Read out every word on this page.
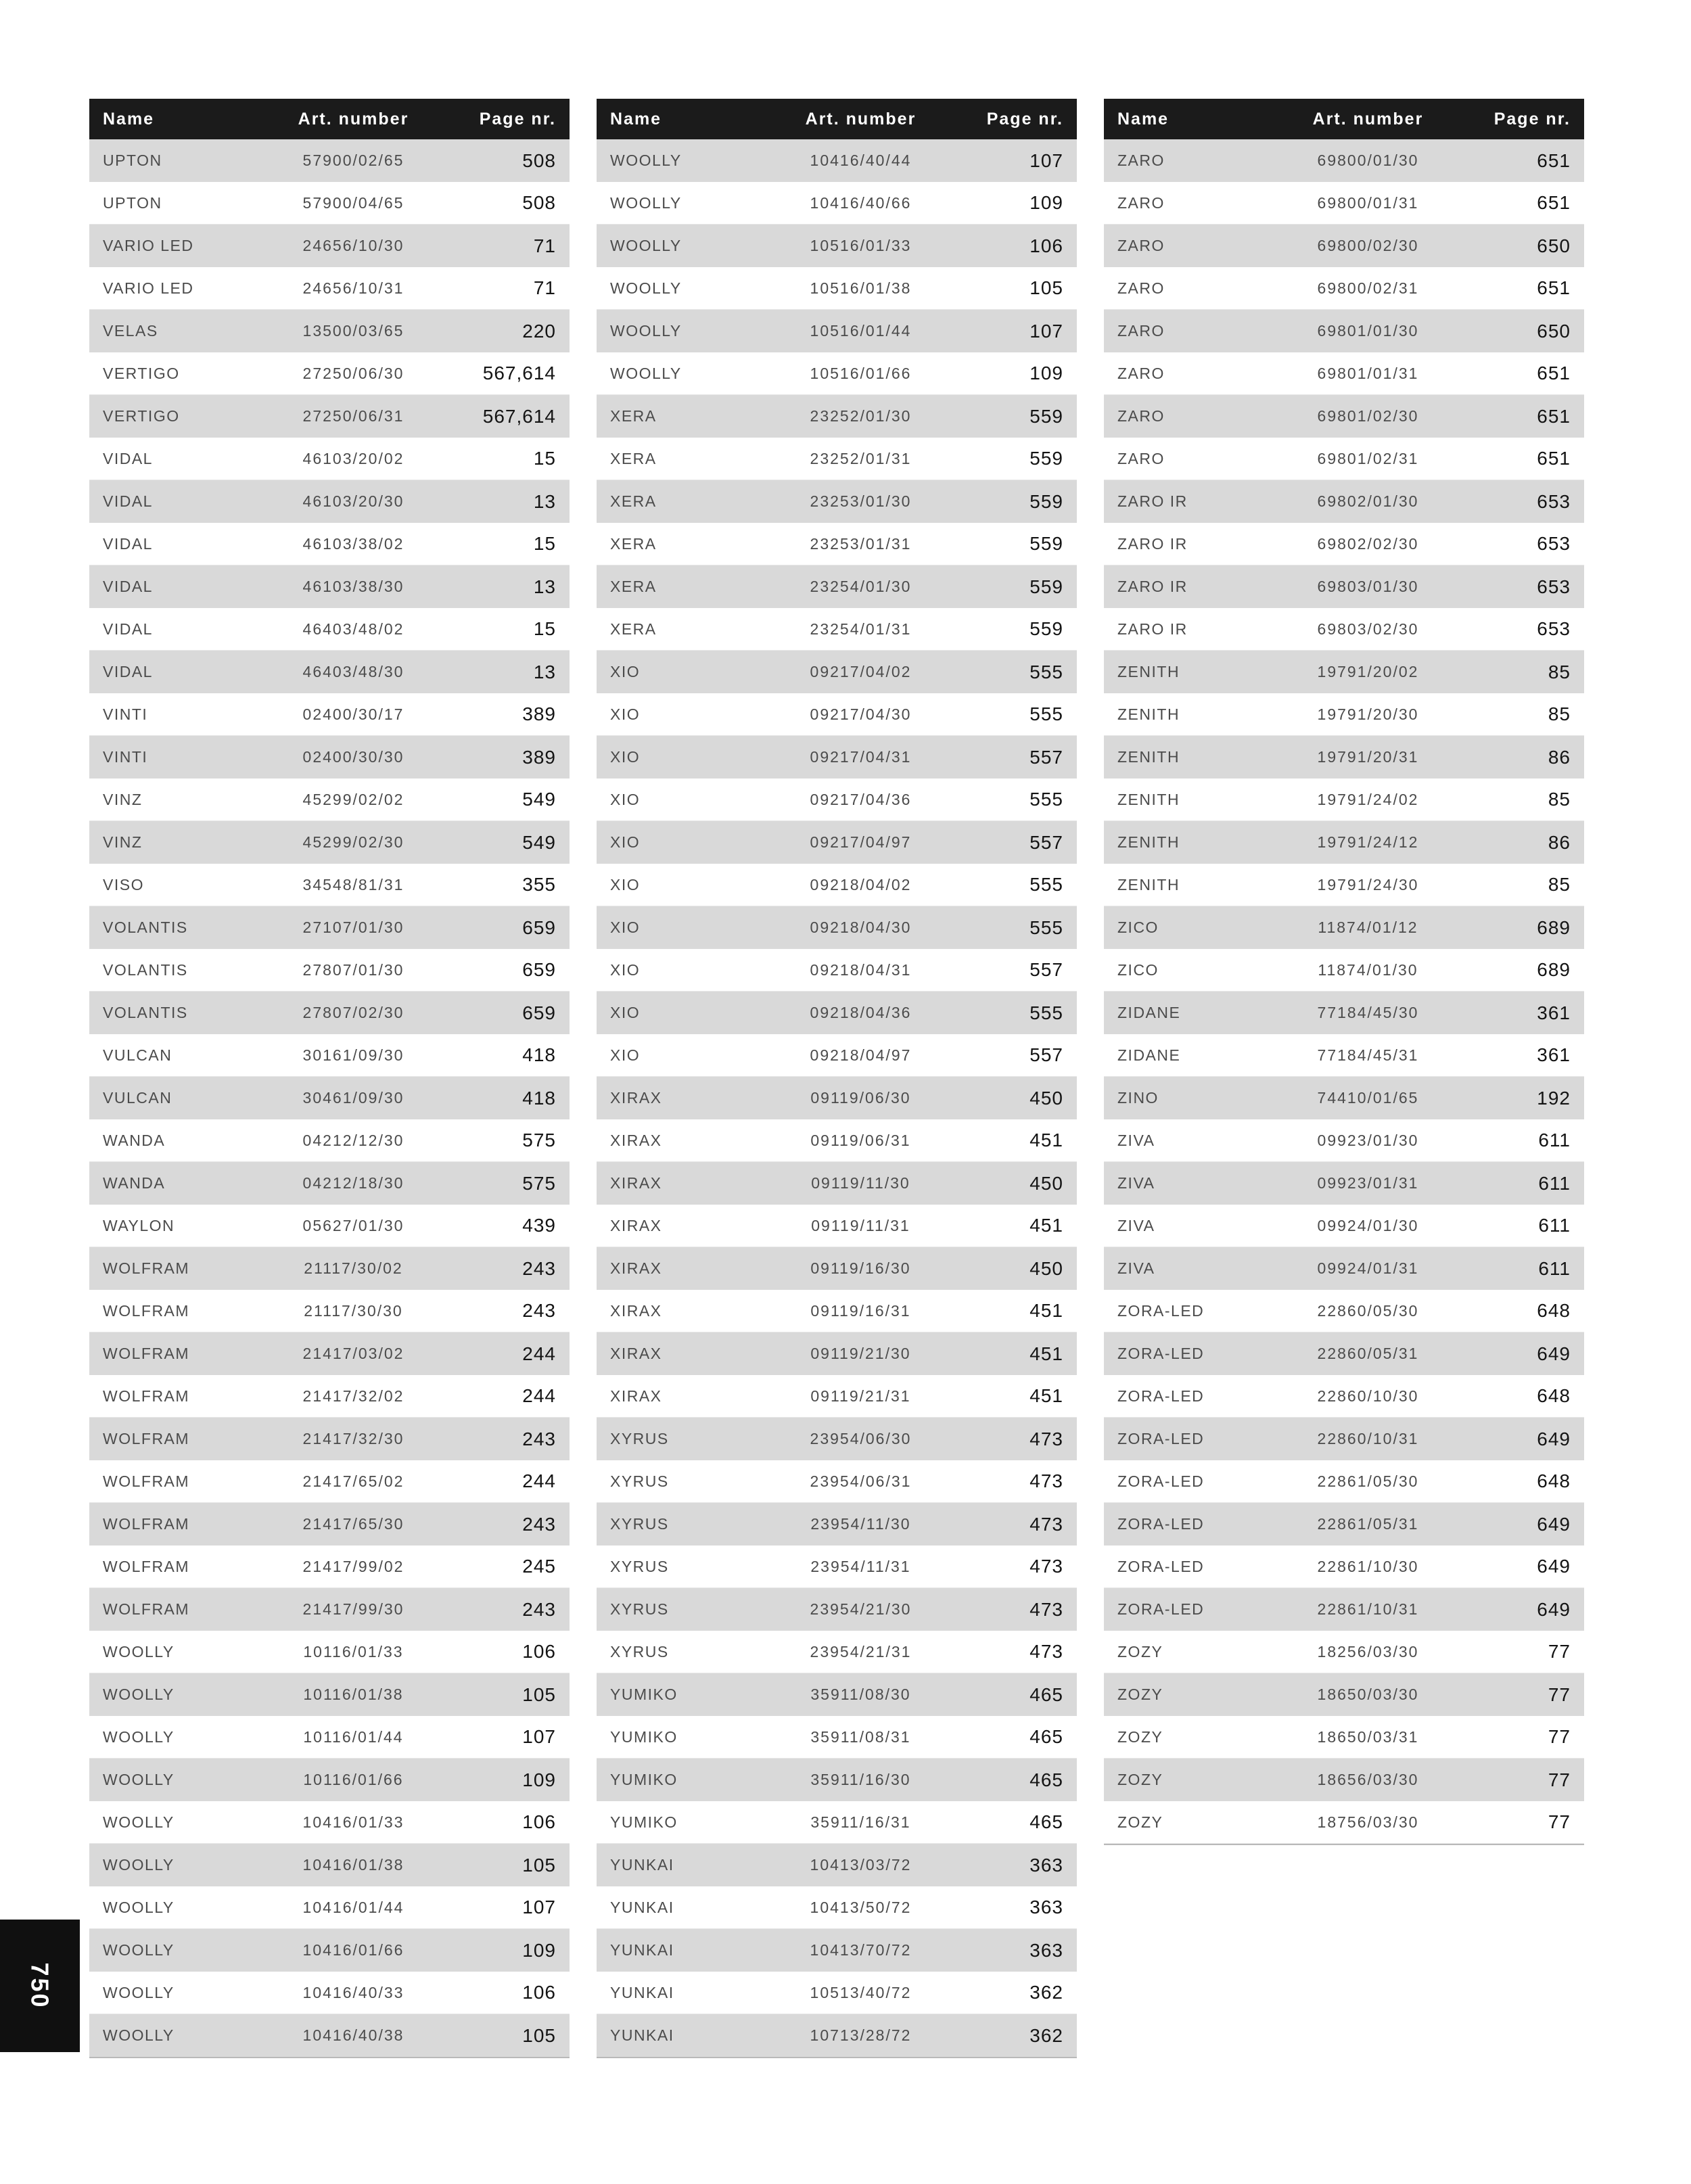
Name	Art. number	Page nr.
UPTON	57900/02/65	508
UPTON	57900/04/65	508
VARIO LED	24656/10/30	71
VARIO LED	24656/10/31	71
VELAS	13500/03/65	220
VERTIGO	27250/06/30	567,614
VERTIGO	27250/06/31	567,614
VIDAL	46103/20/02	15
VIDAL	46103/20/30	13
VIDAL	46103/38/02	15
VIDAL	46103/38/30	13
VIDAL	46403/48/02	15
VIDAL	46403/48/30	13
VINTI	02400/30/17	389
VINTI	02400/30/30	389
VINZ	45299/02/02	549
VINZ	45299/02/30	549
VISO	34548/81/31	355
VOLANTIS	27107/01/30	659
VOLANTIS	27807/01/30	659
VOLANTIS	27807/02/30	659
VULCAN	30161/09/30	418
VULCAN	30461/09/30	418
WANDA	04212/12/30	575
WANDA	04212/18/30	575
WAYLON	05627/01/30	439
WOLFRAM	21117/30/02	243
WOLFRAM	21117/30/30	243
WOLFRAM	21417/03/02	244
WOLFRAM	21417/32/02	244
WOLFRAM	21417/32/30	243
WOLFRAM	21417/65/02	244
WOLFRAM	21417/65/30	243
WOLFRAM	21417/99/02	245
WOLFRAM	21417/99/30	243
WOOLLY	10116/01/33	106
WOOLLY	10116/01/38	105
WOOLLY	10116/01/44	107
WOOLLY	10116/01/66	109
WOOLLY	10416/01/33	106
WOOLLY	10416/01/38	105
WOOLLY	10416/01/44	107
WOOLLY	10416/01/66	109
WOOLLY	10416/40/33	106
WOOLLY	10416/40/38	105
Name	Art. number	Page nr.
WOOLLY	10416/40/44	107
WOOLLY	10416/40/66	109
WOOLLY	10516/01/33	106
WOOLLY	10516/01/38	105
WOOLLY	10516/01/44	107
WOOLLY	10516/01/66	109
XERA	23252/01/30	559
XERA	23252/01/31	559
XERA	23253/01/30	559
XERA	23253/01/31	559
XERA	23254/01/30	559
XERA	23254/01/31	559
XIO	09217/04/02	555
XIO	09217/04/30	555
XIO	09217/04/31	557
XIO	09217/04/36	555
XIO	09217/04/97	557
XIO	09218/04/02	555
XIO	09218/04/30	555
XIO	09218/04/31	557
XIO	09218/04/36	555
XIO	09218/04/97	557
XIRAX	09119/06/30	450
XIRAX	09119/06/31	451
XIRAX	09119/11/30	450
XIRAX	09119/11/31	451
XIRAX	09119/16/30	450
XIRAX	09119/16/31	451
XIRAX	09119/21/30	451
XIRAX	09119/21/31	451
XYRUS	23954/06/30	473
XYRUS	23954/06/31	473
XYRUS	23954/11/30	473
XYRUS	23954/11/31	473
XYRUS	23954/21/30	473
XYRUS	23954/21/31	473
YUMIKO	35911/08/30	465
YUMIKO	35911/08/31	465
YUMIKO	35911/16/30	465
YUMIKO	35911/16/31	465
YUNKAI	10413/03/72	363
YUNKAI	10413/50/72	363
YUNKAI	10413/70/72	363
YUNKAI	10513/40/72	362
YUNKAI	10713/28/72	362
Name	Art. number	Page nr.
ZARO	69800/01/30	651
ZARO	69800/01/31	651
ZARO	69800/02/30	650
ZARO	69800/02/31	651
ZARO	69801/01/30	650
ZARO	69801/01/31	651
ZARO	69801/02/30	651
ZARO	69801/02/31	651
ZARO IR	69802/01/30	653
ZARO IR	69802/02/30	653
ZARO IR	69803/01/30	653
ZARO IR	69803/02/30	653
ZENITH	19791/20/02	85
ZENITH	19791/20/30	85
ZENITH	19791/20/31	86
ZENITH	19791/24/02	85
ZENITH	19791/24/12	86
ZENITH	19791/24/30	85
ZICO	11874/01/12	689
ZICO	11874/01/30	689
ZIDANE	77184/45/30	361
ZIDANE	77184/45/31	361
ZINO	74410/01/65	192
ZIVA	09923/01/30	611
ZIVA	09923/01/31	611
ZIVA	09924/01/30	611
ZIVA	09924/01/31	611
ZORA-LED	22860/05/30	648
ZORA-LED	22860/05/31	649
ZORA-LED	22860/10/30	648
ZORA-LED	22860/10/31	649
ZORA-LED	22861/05/30	648
ZORA-LED	22861/05/31	649
ZORA-LED	22861/10/30	649
ZORA-LED	22861/10/31	649
ZOZY	18256/03/30	77
ZOZY	18650/03/30	77
ZOZY	18650/03/31	77
ZOZY	18656/03/30	77
ZOZY	18756/03/30	77
750
